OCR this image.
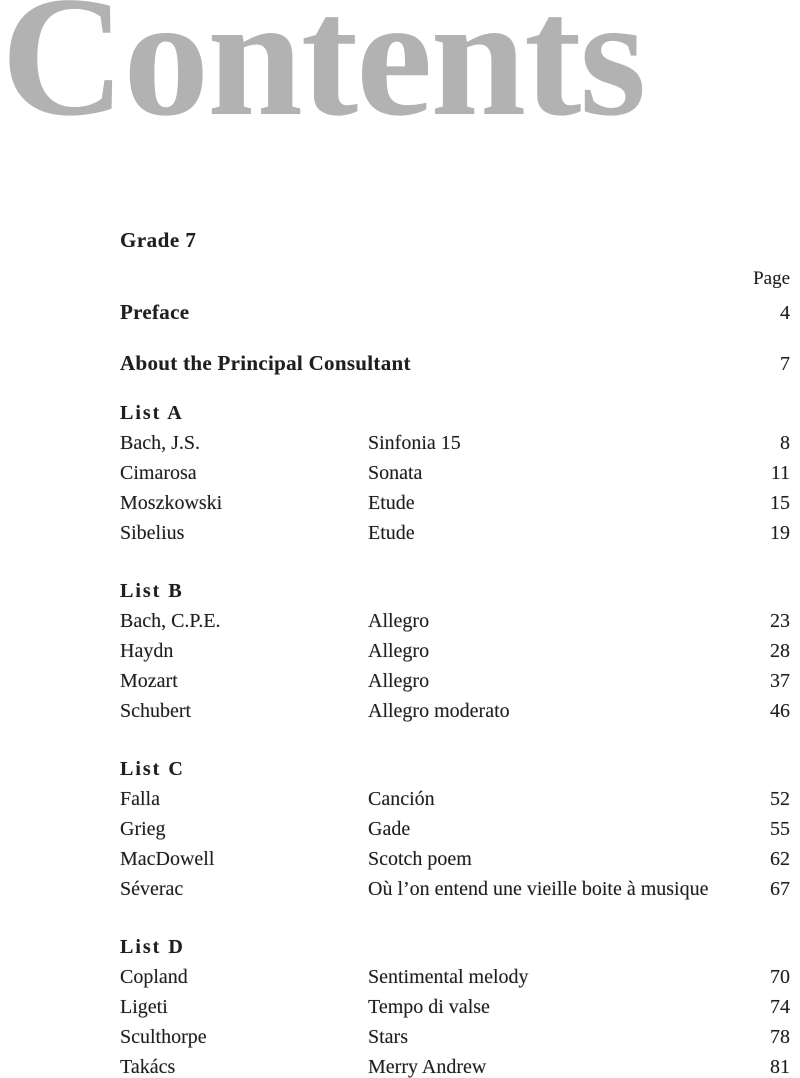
Contents
Grade 7
Page
Preface	4
About the Principal Consultant	7
List A
Bach, J.S.	Sinfonia 15	8
Cimarosa	Sonata	11
Moszkowski	Etude	15
Sibelius	Etude	19
List B
Bach, C.P.E.	Allegro	23
Haydn	Allegro	28
Mozart	Allegro	37
Schubert	Allegro moderato	46
List C
Falla	Canción	52
Grieg	Gade	55
MacDowell	Scotch poem	62
Séverac	Où l’on entend une vieille boite à musique	67
List D
Copland	Sentimental melody	70
Ligeti	Tempo di valse	74
Sculthorpe	Stars	78
Takács	Merry Andrew	81
